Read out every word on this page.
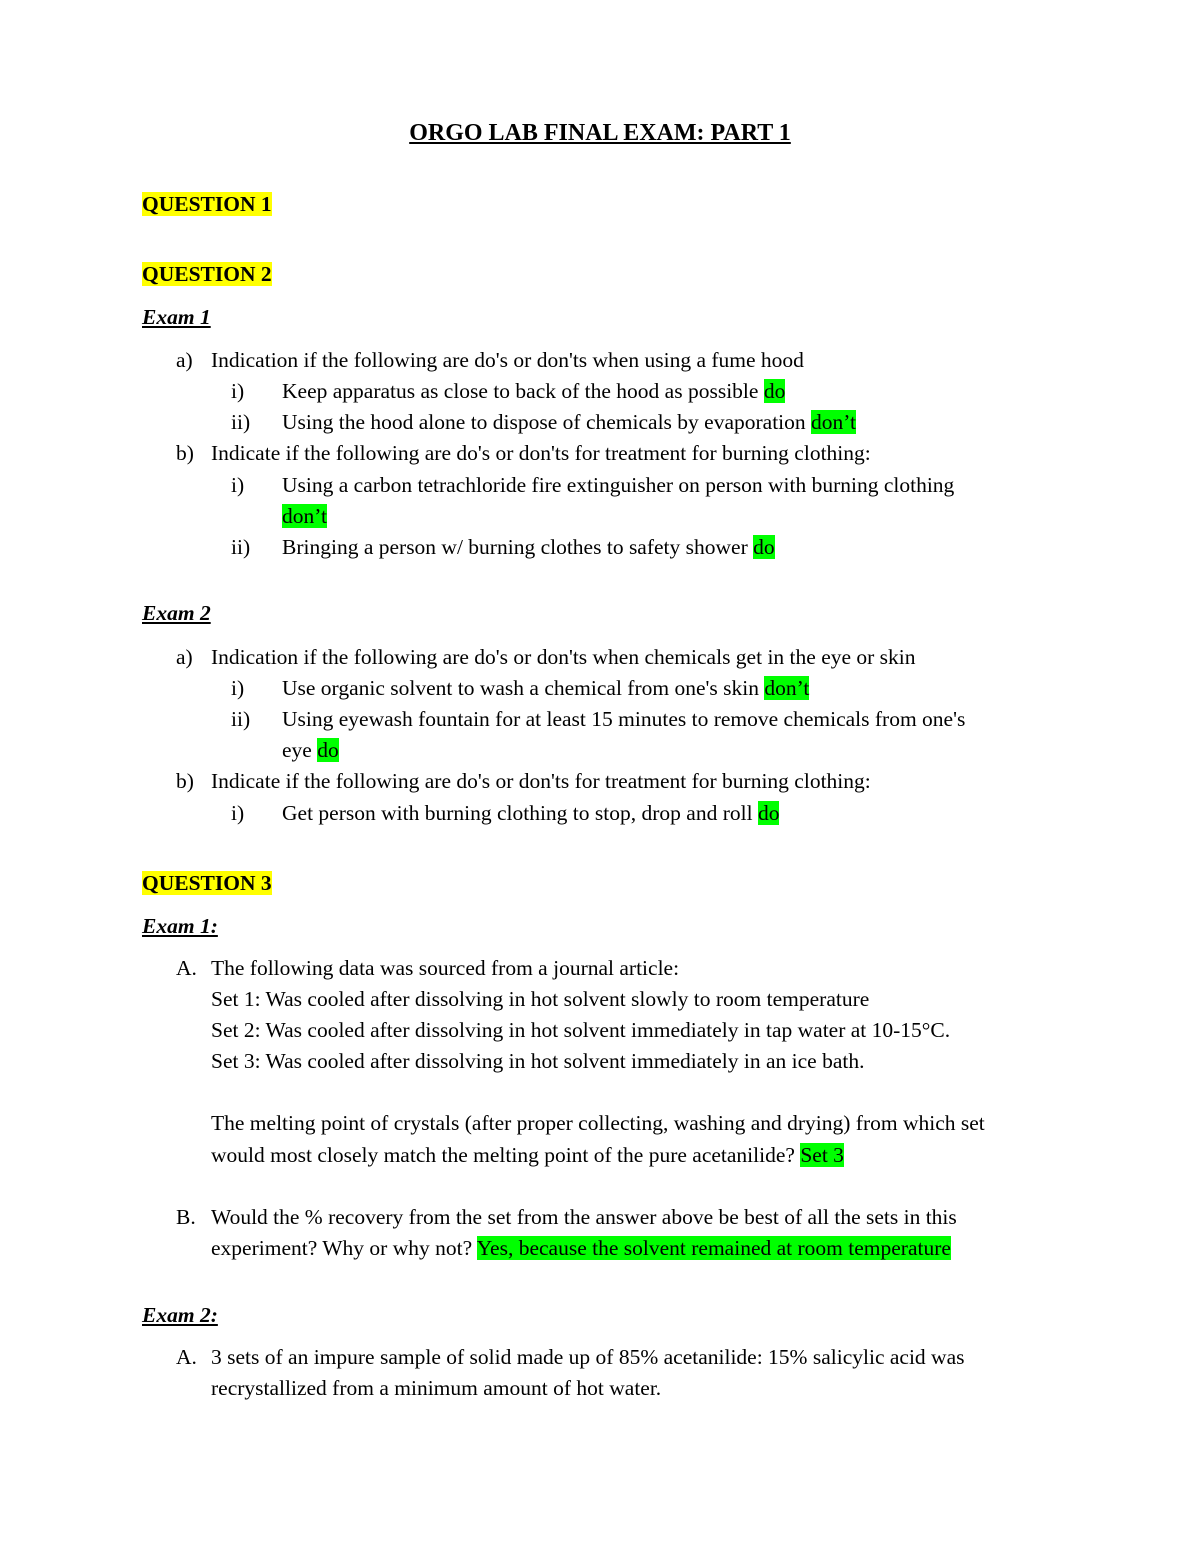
ORGO LAB FINAL EXAM: PART 1
QUESTION 1
QUESTION 2
Exam 1
a) Indication if the following are do's or don'ts when using a fume hood
i) Keep apparatus as close to back of the hood as possible do
ii) Using the hood alone to dispose of chemicals by evaporation don’t
b) Indicate if the following are do's or don'ts for treatment for burning clothing:
i) Using a carbon tetrachloride fire extinguisher on person with burning clothing
don’t
ii) Bringing a person w/ burning clothes to safety shower do
Exam 2
a) Indication if the following are do's or don'ts when chemicals get in the eye or skin
i) Use organic solvent to wash a chemical from one's skin don’t
ii) Using eyewash fountain for at least 15 minutes to remove chemicals from one's
eye do
b) Indicate if the following are do's or don'ts for treatment for burning clothing:
i) Get person with burning clothing to stop, drop and roll do
QUESTION 3
Exam 1:
A. The following data was sourced from a journal article:
Set 1: Was cooled after dissolving in hot solvent slowly to room temperature
Set 2: Was cooled after dissolving in hot solvent immediately in tap water at 10-15°C.
Set 3: Was cooled after dissolving in hot solvent immediately in an ice bath.
The melting point of crystals (after proper collecting, washing and drying) from which set
would most closely match the melting point of the pure acetanilide? Set 3
B. Would the % recovery from the set from the answer above be best of all the sets in this
experiment? Why or why not? Yes, because the solvent remained at room temperature
Exam 2:
A. 3 sets of an impure sample of solid made up of 85% acetanilide: 15% salicylic acid was
recrystallized from a minimum amount of hot water.
